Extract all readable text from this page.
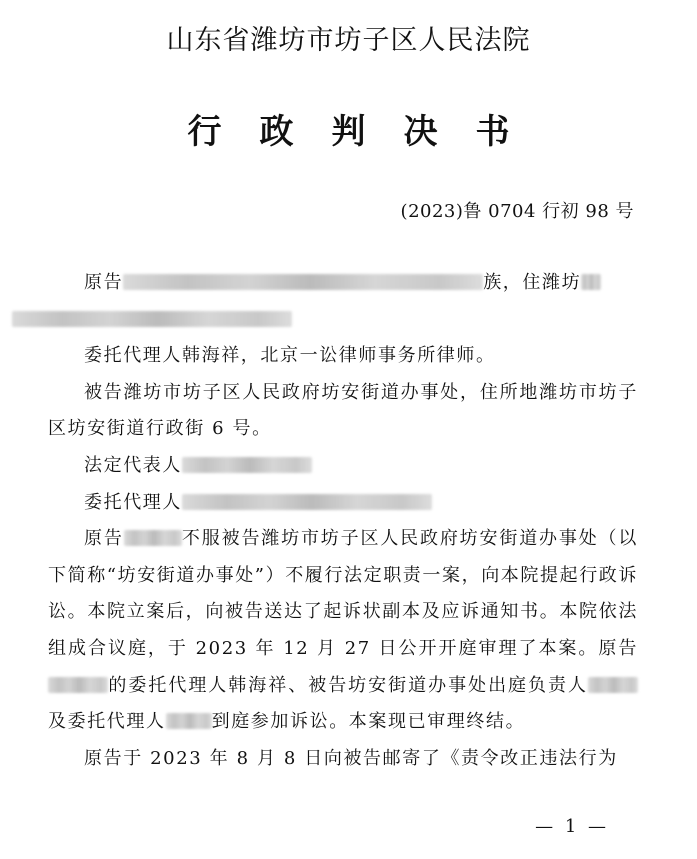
山东省潍坊市坊子区人民法院
行政判决书
(2023)鲁 0704 行初 98 号

原告	族，住潍坊

委托代理人韩海祥，北京一讼律师事务所律师。

被告潍坊市坊子区人民政府坊安街道办事处，住所地潍坊市坊子区坊安街道行政街 6 号。

法定代表人

委托代理人

原告	不服被告潍坊市坊子区人民政府坊安街道办事处（以下简称“坊安街道办事处”）不履行法定职责一案，向本院提起行政诉讼。本院立案后，向被告送达了起诉状副本及应诉通知书。本院依法组成合议庭，于 2023 年 12 月 27 日公开开庭审理了本案。原告的委托代理人韩海祥、被告坊安街道办事处出庭负责人及委托代理人	到庭参加诉讼。本案现已审理终结。

原告于 2023 年 8 月 8 日向被告邮寄了《责令改正违法行为

— 1 —
